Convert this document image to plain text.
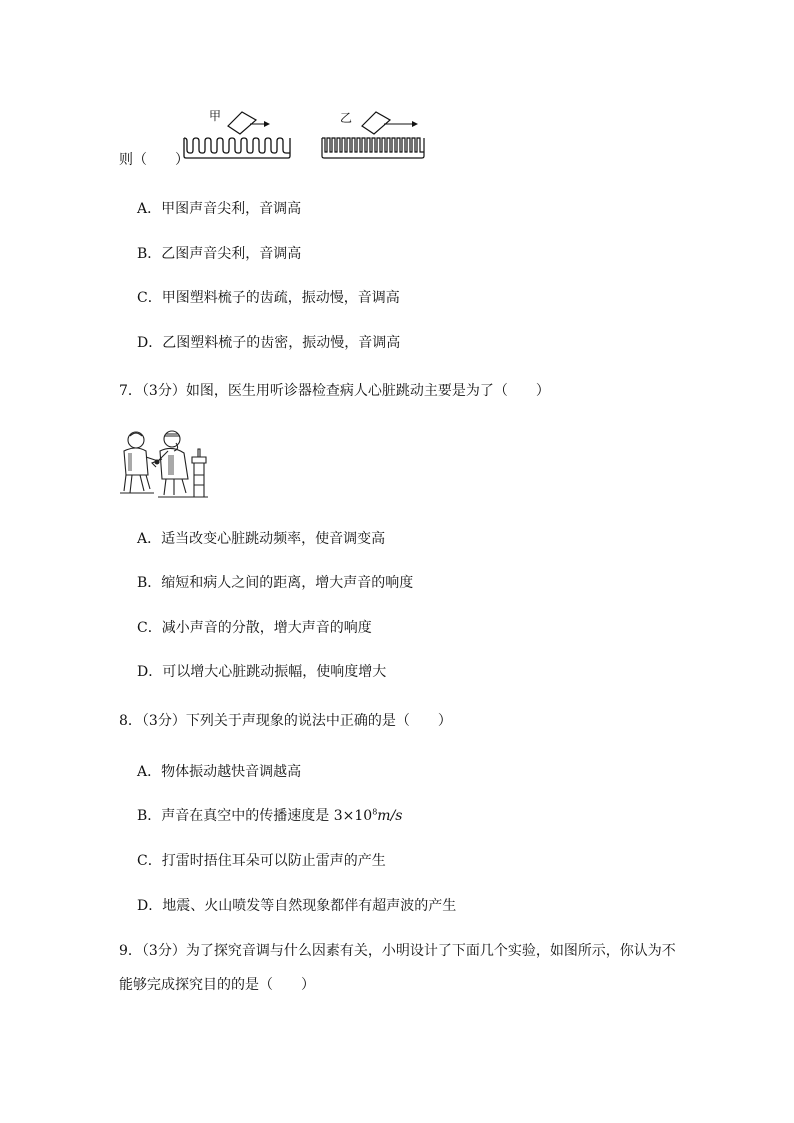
甲	乙
则（　　）
A．甲图声音尖利，音调高
B．乙图声音尖利，音调高
C．甲图塑料梳子的齿疏，振动慢，音调高
D．乙图塑料梳子的齿密，振动慢，音调高
7．（3分）如图，医生用听诊器检查病人心脏跳动主要是为了（　　）
A．适当改变心脏跳动频率，使音调变高
B．缩短和病人之间的距离，增大声音的响度
C．减小声音的分散，增大声音的响度
D．可以增大心脏跳动振幅，使响度增大
8．（3分）下列关于声现象的说法中正确的是（　　）
A．物体振动越快音调越高
B．声音在真空中的传播速度是 $3\times 10^8m/s$
C．打雷时捂住耳朵可以防止雷声的产生
D．地震、火山喷发等自然现象都伴有超声波的产生
9．（3分）为了探究音调与什么因素有关，小明设计了下面几个实验，如图所示，你认为不
能够完成探究目的的是（　　）
